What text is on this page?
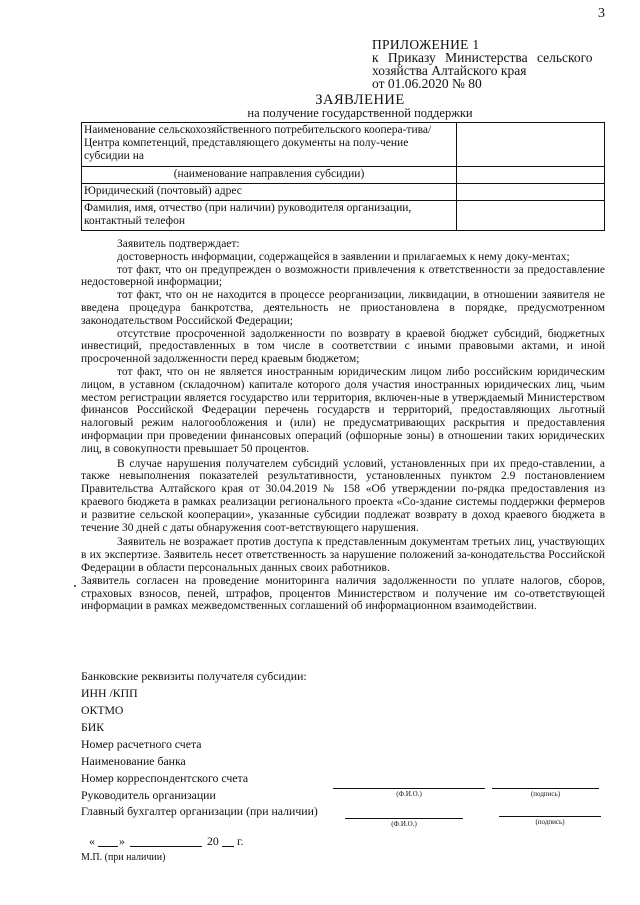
3
ПРИЛОЖЕНИЕ 1
к Приказу Министерства сельского
хозяйства Алтайского края
от 01.06.2020 № 80
ЗАЯВЛЕНИЕ
на получение государственной поддержки
Наименование сельскохозяйственного потребительского коопера-тива/Центра компетенций, представляющего документы на полу-чение субсидии на	
(наименование направления субсидии)	
Юридический (почтовый) адрес	
Фамилия, имя, отчество (при наличии) руководителя организации, контактный телефон	

Заявитель подтверждает:

достоверность информации, содержащейся в заявлении и прилагаемых к нему доку-ментах;

тот факт, что он предупрежден о возможности привлечения к ответственности за предоставление недостоверной информации;

тот факт, что он не находится в процессе реорганизации, ликвидации, в отношении заявителя не введена процедура банкротства, деятельность не приостановлена в порядке, предусмотренном законодательством Российской Федерации;

отсутствие просроченной задолженности по возврату в краевой бюджет субсидий, бюджетных инвестиций, предоставленных в том числе в соответствии с иными правовыми актами, и иной просроченной задолженности перед краевым бюджетом;

тот факт, что он не является иностранным юридическим лицом либо российским юридическим лицом, в уставном (складочном) капитале которого доля участия иностранных юридических лиц, чьим местом регистрации является государство или территория, включен-ные в утверждаемый Министерством финансов Российской Федерации перечень государств и территорий, предоставляющих льготный налоговый режим налогообложения и (или) не предусматривающих раскрытия и предоставления информации при проведении финансовых операций (офшорные зоны) в отношении таких юридических лиц, в совокупности превышает 50 процентов.

В случае нарушения получателем субсидий условий, установленных при их предо-ставлении, а также невыполнения показателей результативности, установленных пунктом 2.9 постановлением Правительства Алтайского края от 30.04.2019 № 158 «Об утверждении по-рядка предоставления из краевого бюджета в рамках реализации регионального проекта «Со-здание системы поддержки фермеров и развитие сельской кооперации», указанные субсидии подлежат возврату в доход краевого бюджета в течение 30 дней с даты обнаружения соот-ветствующего нарушения.

Заявитель не возражает против доступа к представленным документам третьих лиц, участвующих в их экспертизе. Заявитель несет ответственность за нарушение положений за-конодательства Российской Федерации в области персональных данных своих работников.

Заявитель согласен на проведение мониторинга наличия задолженности по уплате налогов, сборов, страховых взносов, пеней, штрафов, процентов Министерством и получение им со-ответствующей информации в рамках межведомственных соглашений об информационном взаимодействии.

Банковские реквизиты получателя субсидии:

ИНН /КПП

ОКТМО

БИК

Номер расчетного счета

Наименование банка

Номер корреспондентского счета

Руководитель организации	(Ф.И.О.)	(подпись)
Главный бухгалтер организации (при наличии)
(Ф.И.О.)	(подпись)
« »	20 г.
М.П. (при наличии)
